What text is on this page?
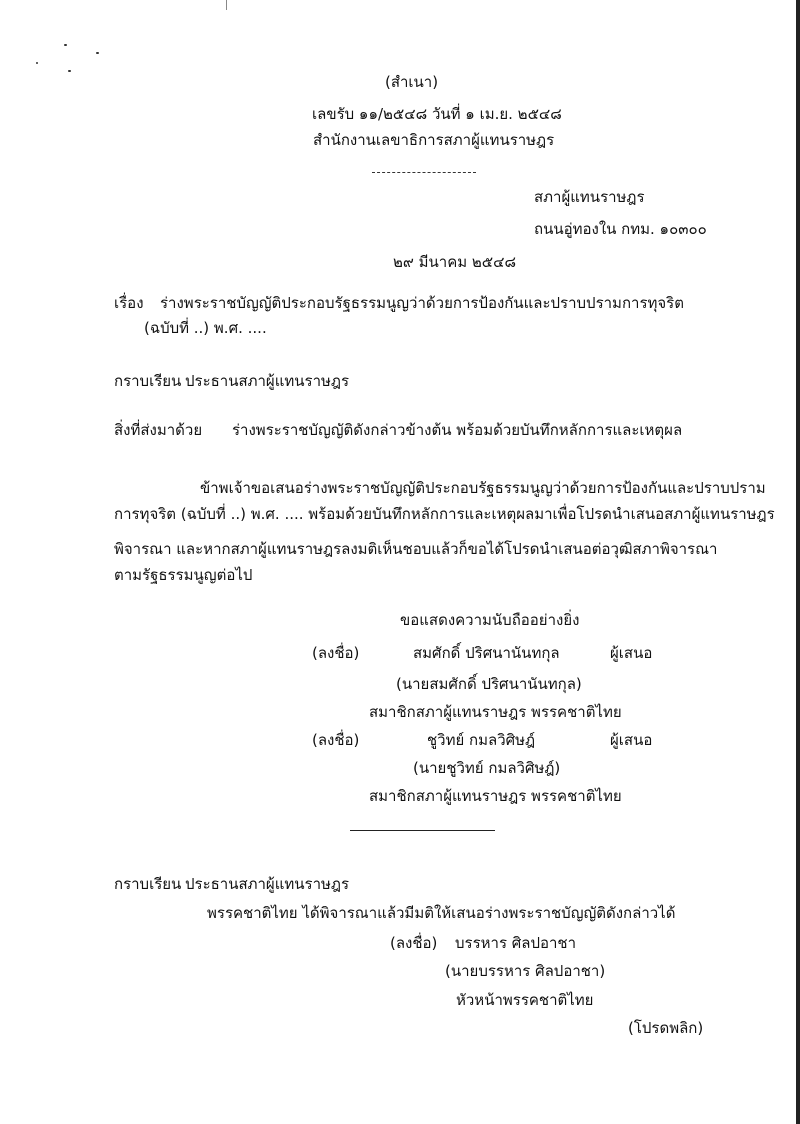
(สำเนา)
เลขรับ ๑๑/๒๕๔๘ วันที่ ๑ เม.ย. ๒๕๔๘
สำนักงานเลขาธิการสภาผู้แทนราษฎร
สภาผู้แทนราษฎร
ถนนอู่ทองใน กทม. ๑๐๓๐๐
๒๙ มีนาคม ๒๕๔๘
เรื่อง ร่างพระราชบัญญัติประกอบรัฐธรรมนูญว่าด้วยการป้องกันและปราบปรามการทุจริต
(ฉบับที่ ..) พ.ศ. ....
กราบเรียน ประธานสภาผู้แทนราษฎร
สิ่งที่ส่งมาด้วย ร่างพระราชบัญญัติดังกล่าวข้างต้น พร้อมด้วยบันทึกหลักการและเหตุผล
ข้าพเจ้าขอเสนอร่างพระราชบัญญัติประกอบรัฐธรรมนูญว่าด้วยการป้องกันและปราบปราม
การทุจริต (ฉบับที่ ..) พ.ศ. .... พร้อมด้วยบันทึกหลักการและเหตุผลมาเพื่อโปรดนำเสนอสภาผู้แทนราษฎร
พิจารณา และหากสภาผู้แทนราษฎรลงมติเห็นชอบแล้วก็ขอได้โปรดนำเสนอต่อวุฒิสภาพิจารณา
ตามรัฐธรรมนูญต่อไป
ขอแสดงความนับถืออย่างยิ่ง
(ลงชื่อ)	สมศักดิ์ ปริศนานันทกุล	ผู้เสนอ
(นายสมศักดิ์ ปริศนานันทกุล)
สมาชิกสภาผู้แทนราษฎร พรรคชาติไทย
(ลงชื่อ)	ชูวิทย์ กมลวิศิษฎ์	ผู้เสนอ
(นายชูวิทย์ กมลวิศิษฎ์)
สมาชิกสภาผู้แทนราษฎร พรรคชาติไทย
กราบเรียน ประธานสภาผู้แทนราษฎร
พรรคชาติไทย ได้พิจารณาแล้วมีมติให้เสนอร่างพระราชบัญญัติดังกล่าวได้
(ลงชื่อ) บรรหาร ศิลปอาชา
(นายบรรหาร ศิลปอาชา)
หัวหน้าพรรคชาติไทย
(โปรดพลิก)
